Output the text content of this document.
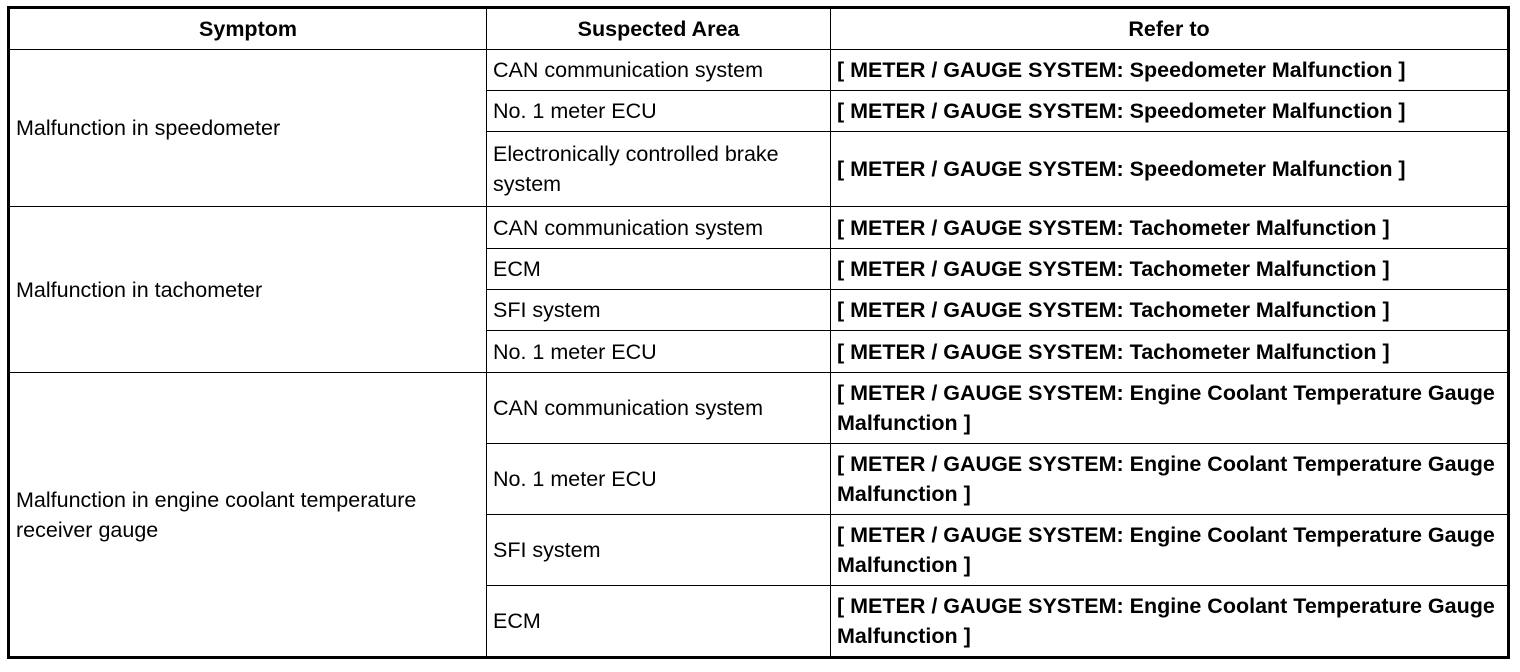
Symptom	Suspected Area	Refer to
Malfunction in speedometer	CAN communication system	[ METER / GAUGE SYSTEM: Speedometer Malfunction ]
	No. 1 meter ECU	[ METER / GAUGE SYSTEM: Speedometer Malfunction ]
	Electronically controlled brake system	[ METER / GAUGE SYSTEM: Speedometer Malfunction ]
Malfunction in tachometer	CAN communication system	[ METER / GAUGE SYSTEM: Tachometer Malfunction ]
	ECM	[ METER / GAUGE SYSTEM: Tachometer Malfunction ]
	SFI system	[ METER / GAUGE SYSTEM: Tachometer Malfunction ]
	No. 1 meter ECU	[ METER / GAUGE SYSTEM: Tachometer Malfunction ]
Malfunction in engine coolant temperature receiver gauge	CAN communication system	[ METER / GAUGE SYSTEM: Engine Coolant Temperature Gauge Malfunction ]
	No. 1 meter ECU	[ METER / GAUGE SYSTEM: Engine Coolant Temperature Gauge Malfunction ]
	SFI system	[ METER / GAUGE SYSTEM: Engine Coolant Temperature Gauge Malfunction ]
	ECM	[ METER / GAUGE SYSTEM: Engine Coolant Temperature Gauge Malfunction ]
